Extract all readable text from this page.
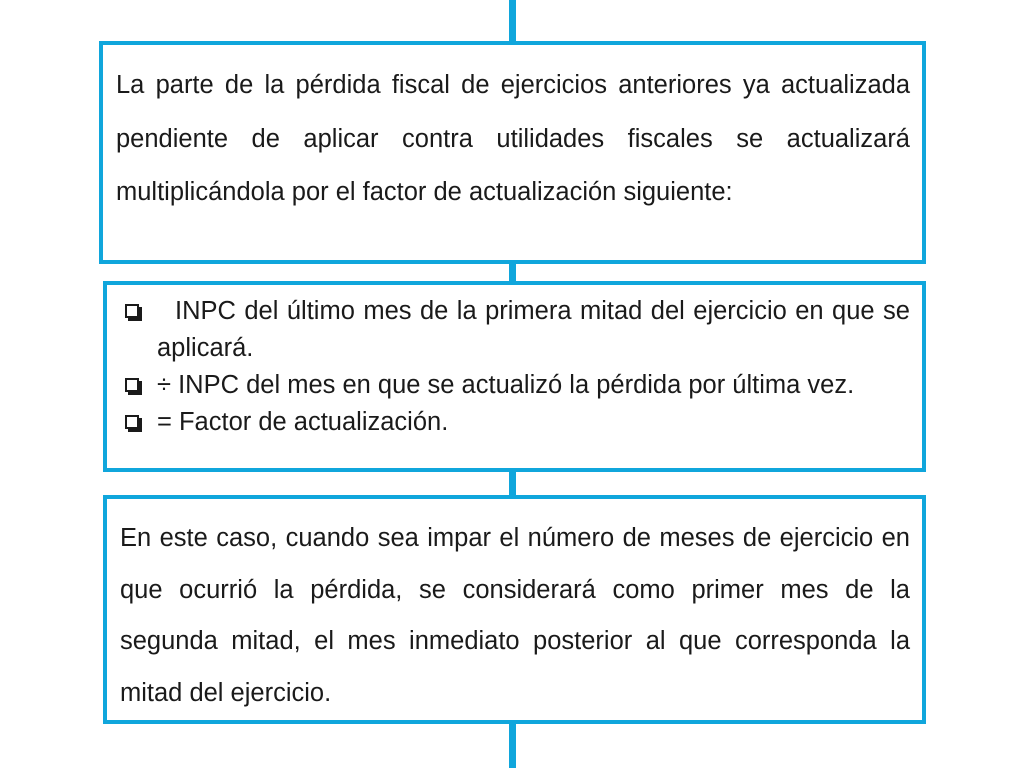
La parte de la pérdida fiscal de ejercicios anteriores ya actualizada pendiente de aplicar contra utilidades fiscales se actualizará multiplicándola por el factor de actualización siguiente:

INPC del último mes de la primera mitad del ejercicio en que se aplicará.
÷ INPC del mes en que se actualizó la pérdida por última vez.
= Factor de actualización.

En este caso, cuando sea impar el número de meses de ejercicio en que ocurrió la pérdida, se considerará como primer mes de la segunda mitad, el mes inmediato posterior al que corresponda la mitad del ejercicio.
